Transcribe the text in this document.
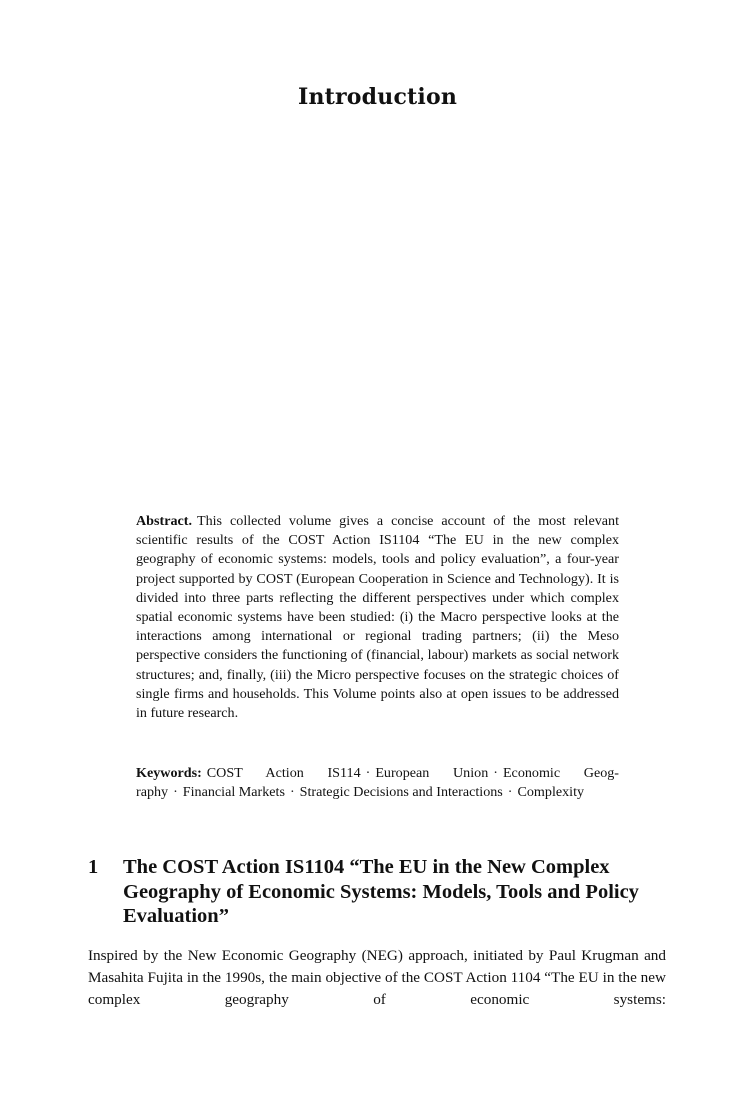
Introduction

Abstract. This collected volume gives a concise account of the most relevant scientific results of the COST Action IS1104 “The EU in the new complex geography of economic systems: models, tools and policy evaluation”, a four-year project supported by COST (European Cooperation in Science and Technology). It is divided into three parts reflecting the different perspectives under which complex spatial economic systems have been studied: (i) the Macro perspective looks at the interactions among international or regional trading partners; (ii) the Meso perspective considers the functioning of (financial, labour) markets as social network structures; and, finally, (iii) the Micro perspective focuses on the strategic choices of single firms and households. This Volume points also at open issues to be addressed in future research.

Keywords: COST Action IS114 · European Union · Economic Geography · Financial Markets · Strategic Decisions and Interactions · Complexity

1	The COST Action IS1104 “The EU in the New Complex Geography of Economic Systems: Models, Tools and Policy Evaluation”

Inspired by the New Economic Geography (NEG) approach, initiated by Paul Krugman and Masahita Fujita in the 1990s, the main objective of the COST Action 1104 “The EU in the new complex geography of economic systems:
